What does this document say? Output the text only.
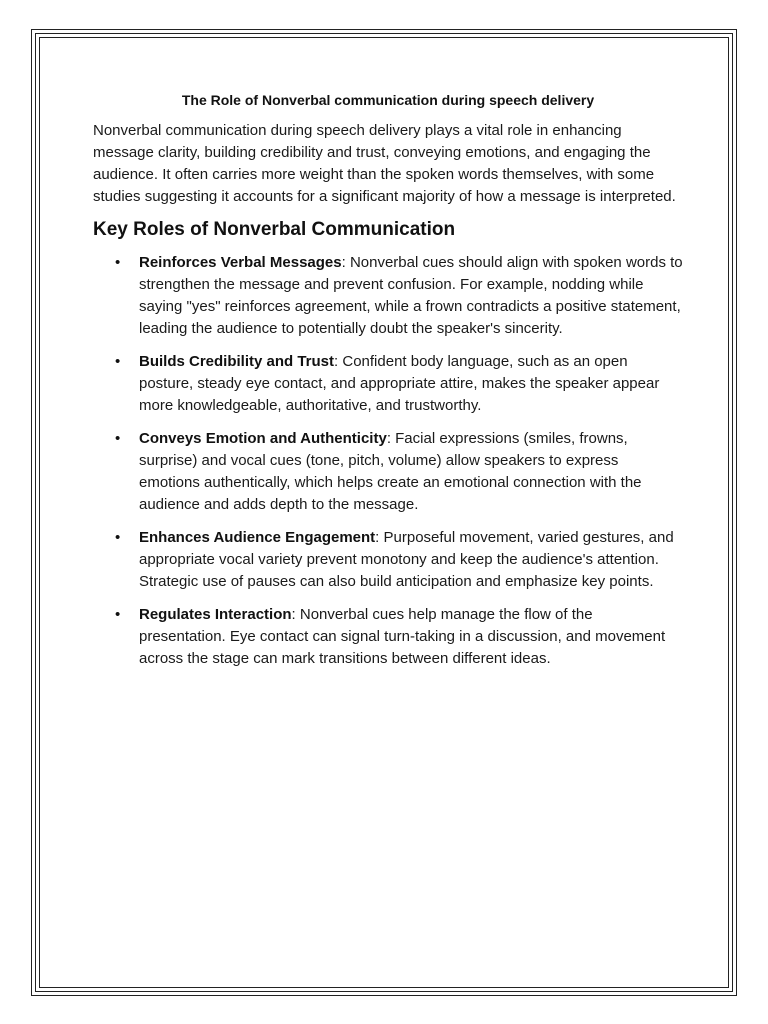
The Role of Nonverbal communication during speech delivery

Nonverbal communication during speech delivery plays a vital role in enhancing message clarity, building credibility and trust, conveying emotions, and engaging the audience. It often carries more weight than the spoken words themselves, with some studies suggesting it accounts for a significant majority of how a message is interpreted.

Key Roles of Nonverbal Communication
• Reinforces Verbal Messages: Nonverbal cues should align with spoken words to strengthen the message and prevent confusion. For example, nodding while saying "yes" reinforces agreement, while a frown contradicts a positive statement, leading the audience to potentially doubt the speaker's sincerity.
• Builds Credibility and Trust: Confident body language, such as an open posture, steady eye contact, and appropriate attire, makes the speaker appear more knowledgeable, authoritative, and trustworthy.
• Conveys Emotion and Authenticity: Facial expressions (smiles, frowns, surprise) and vocal cues (tone, pitch, volume) allow speakers to express emotions authentically, which helps create an emotional connection with the audience and adds depth to the message.
• Enhances Audience Engagement: Purposeful movement, varied gestures, and appropriate vocal variety prevent monotony and keep the audience's attention. Strategic use of pauses can also build anticipation and emphasize key points.
• Regulates Interaction: Nonverbal cues help manage the flow of the presentation. Eye contact can signal turn-taking in a discussion, and movement across the stage can mark transitions between different ideas.
